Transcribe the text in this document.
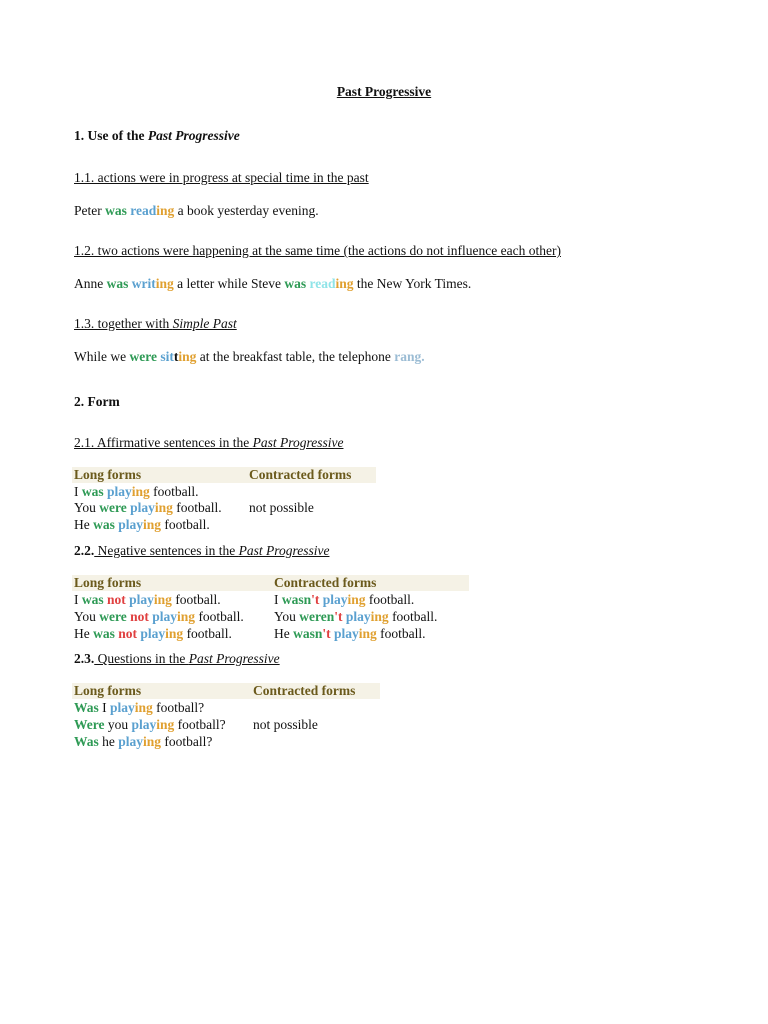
Past Progressive
1. Use of the Past Progressive
1.1. actions were in progress at special time in the past
Peter was reading a book yesterday evening.
1.2. two actions were happening at the same time (the actions do not influence each other)
Anne was writing a letter while Steve was reading the New York Times.
1.3. together with Simple Past
While we were sitting at the breakfast table, the telephone rang.
2. Form
2.1. Affirmative sentences in the Past Progressive
Long forms	Contracted forms
I was playing football.
You were playing football. not possible
He was playing football.
2.2. Negative sentences in the Past Progressive
Long forms	Contracted forms
I was not playing football.	I wasn't playing football.
You were not playing football. You weren't playing football.
He was not playing football.	He wasn't playing football.
2.3. Questions in the Past Progressive
Long forms	Contracted forms
Was I playing football?
Were you playing football? not possible
Was he playing football?
